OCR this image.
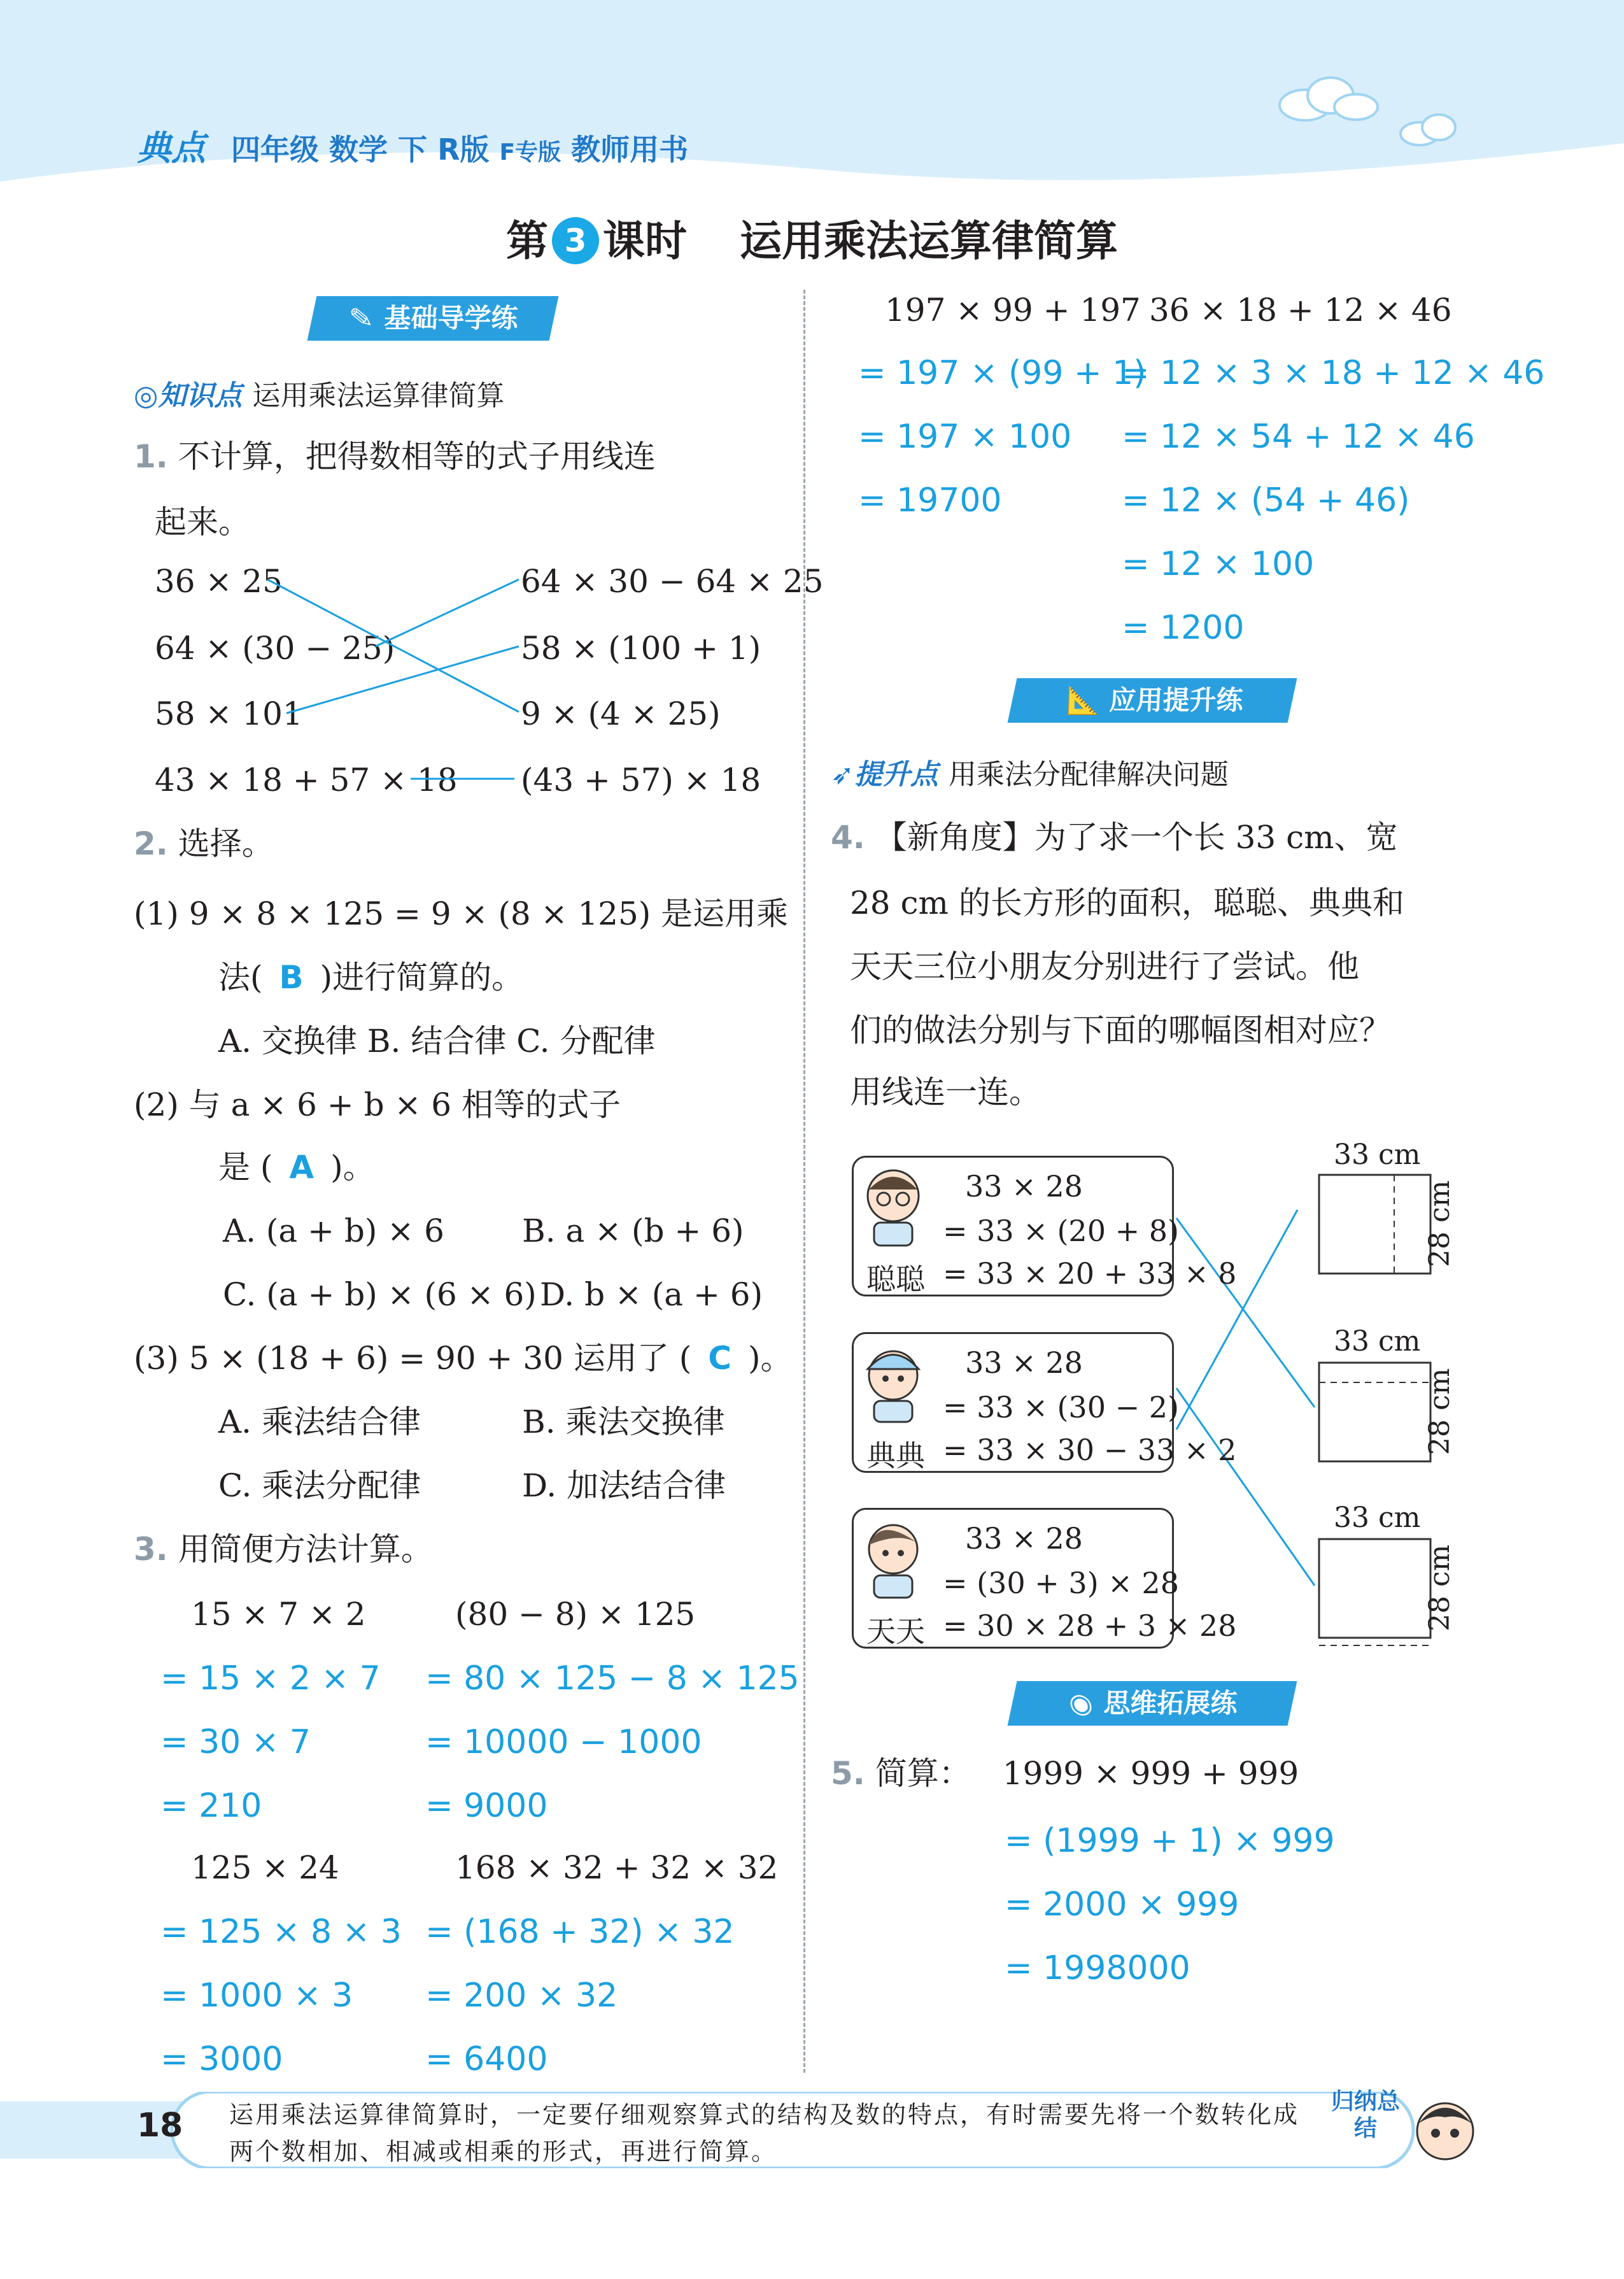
典点 四年级 数学 下 R版 F专版 教师用书
第 3 课时 运用乘法运算律简算
✎ 基础导学练
◎知识点 运用乘法运算律简算
1. 不计算，把得数相等的式子用线连
起来。
36 × 25
64 × (30 − 25)
58 × 101
43 × 18 + 57 × 18
64 × 30 − 64 × 25
58 × (100 + 1)
9 × (4 × 25)
(43 + 57) × 18
2. 选择。
(1) 9 × 8 × 125 = 9 × (8 × 125) 是运用乘
法( B )进行简算的。
A. 交换律 B. 结合律 C. 分配律
(2) 与 a × 6 + b × 6 相等的式子
是 ( A )。
A. (a + b) × 6 B. a × (b + 6)
C. (a + b) × (6 × 6) D. b × (a + 6)
(3) 5 × (18 + 6) = 90 + 30 运用了 ( C )。
A. 乘法结合律	B. 乘法交换律
C. 乘法分配律	D. 加法结合律
3. 用简便方法计算。
15 × 7 × 2
= 15 × 2 × 7
= 30 × 7
= 210
(80 − 8) × 125
= 80 × 125 − 8 × 125
= 10000 − 1000
= 9000
125 × 24
= 125 × 8 × 3
= 1000 × 3
= 3000
168 × 32 + 32 × 32
= (168 + 32) × 32
= 200 × 32
= 6400
197 × 99 + 197
= 197 × (99 + 1)
= 197 × 100
= 19700
36 × 18 + 12 × 46
= 12 × 3 × 18 + 12 × 46
= 12 × 54 + 12 × 46
= 12 × (54 + 46)
= 12 × 100
= 1200
📐 应用提升练
➶提升点 用乘法分配律解决问题
4. 【新角度】为了求一个长 33 cm、宽
28 cm 的长方形的面积，聪聪、典典和
天天三位小朋友分别进行了尝试。他
们的做法分别与下面的哪幅图相对应？
用线连一连。
33 × 28
= 33 × (20 + 8)
聪聪 = 33 × 20 + 33 × 8
33 × 28
= 33 × (30 − 2)
典典 = 33 × 30 − 33 × 2
33 × 28
= (30 + 3) × 28
天天 = 30 × 28 + 3 × 28
33 cm
28 cm
33 cm
28 cm
33 cm
28 cm
◉ 思维拓展练
5. 简算： 1999 × 999 + 999
= (1999 + 1) × 999
= 2000 × 999
= 1998000
18 运用乘法运算律简算时，一定要仔细观察算式的结构及数的特点，有时需要先将一个数转化成两个数相加、相减或相乘的形式，再进行简算。
归纳总结
